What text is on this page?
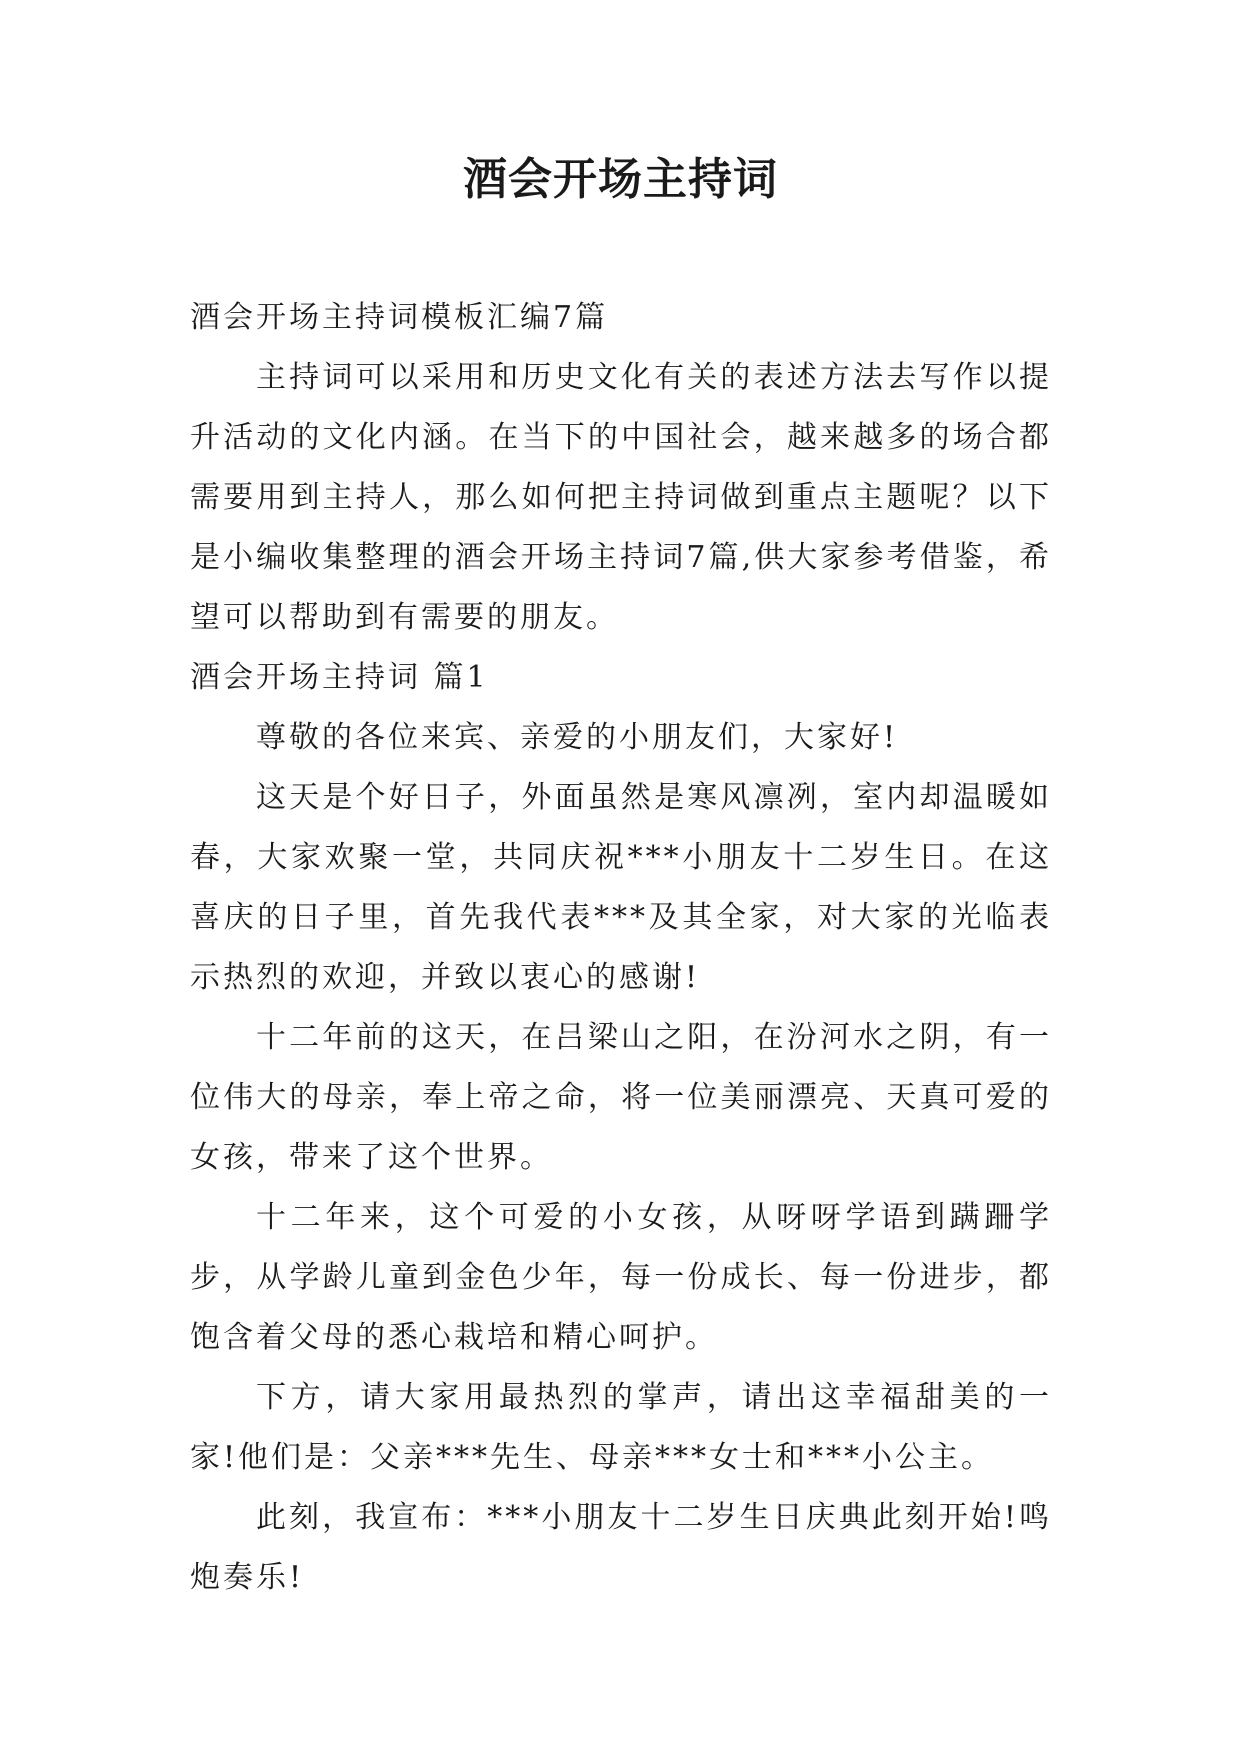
酒会开场主持词

酒会开场主持词模板汇编7篇

主持词可以采用和历史文化有关的表述方法去写作以提升活动的文化内涵。在当下的中国社会，越来越多的场合都需要用到主持人，那么如何把主持词做到重点主题呢？以下是小编收集整理的酒会开场主持词7篇,供大家参考借鉴，希望可以帮助到有需要的朋友。

酒会开场主持词 篇1

尊敬的各位来宾、亲爱的小朋友们，大家好!

这天是个好日子，外面虽然是寒风凛冽，室内却温暖如春，大家欢聚一堂，共同庆祝***小朋友十二岁生日。在这喜庆的日子里，首先我代表***及其全家，对大家的光临表示热烈的欢迎，并致以衷心的感谢!

十二年前的这天，在吕梁山之阳，在汾河水之阴，有一位伟大的母亲，奉上帝之命，将一位美丽漂亮、天真可爱的女孩，带来了这个世界。

十二年来，这个可爱的小女孩，从呀呀学语到蹒跚学步，从学龄儿童到金色少年，每一份成长、每一份进步，都饱含着父母的悉心栽培和精心呵护。

下方，请大家用最热烈的掌声，请出这幸福甜美的一家!他们是：父亲***先生、母亲***女士和***小公主。

此刻，我宣布：***小朋友十二岁生日庆典此刻开始!鸣炮奏乐!
